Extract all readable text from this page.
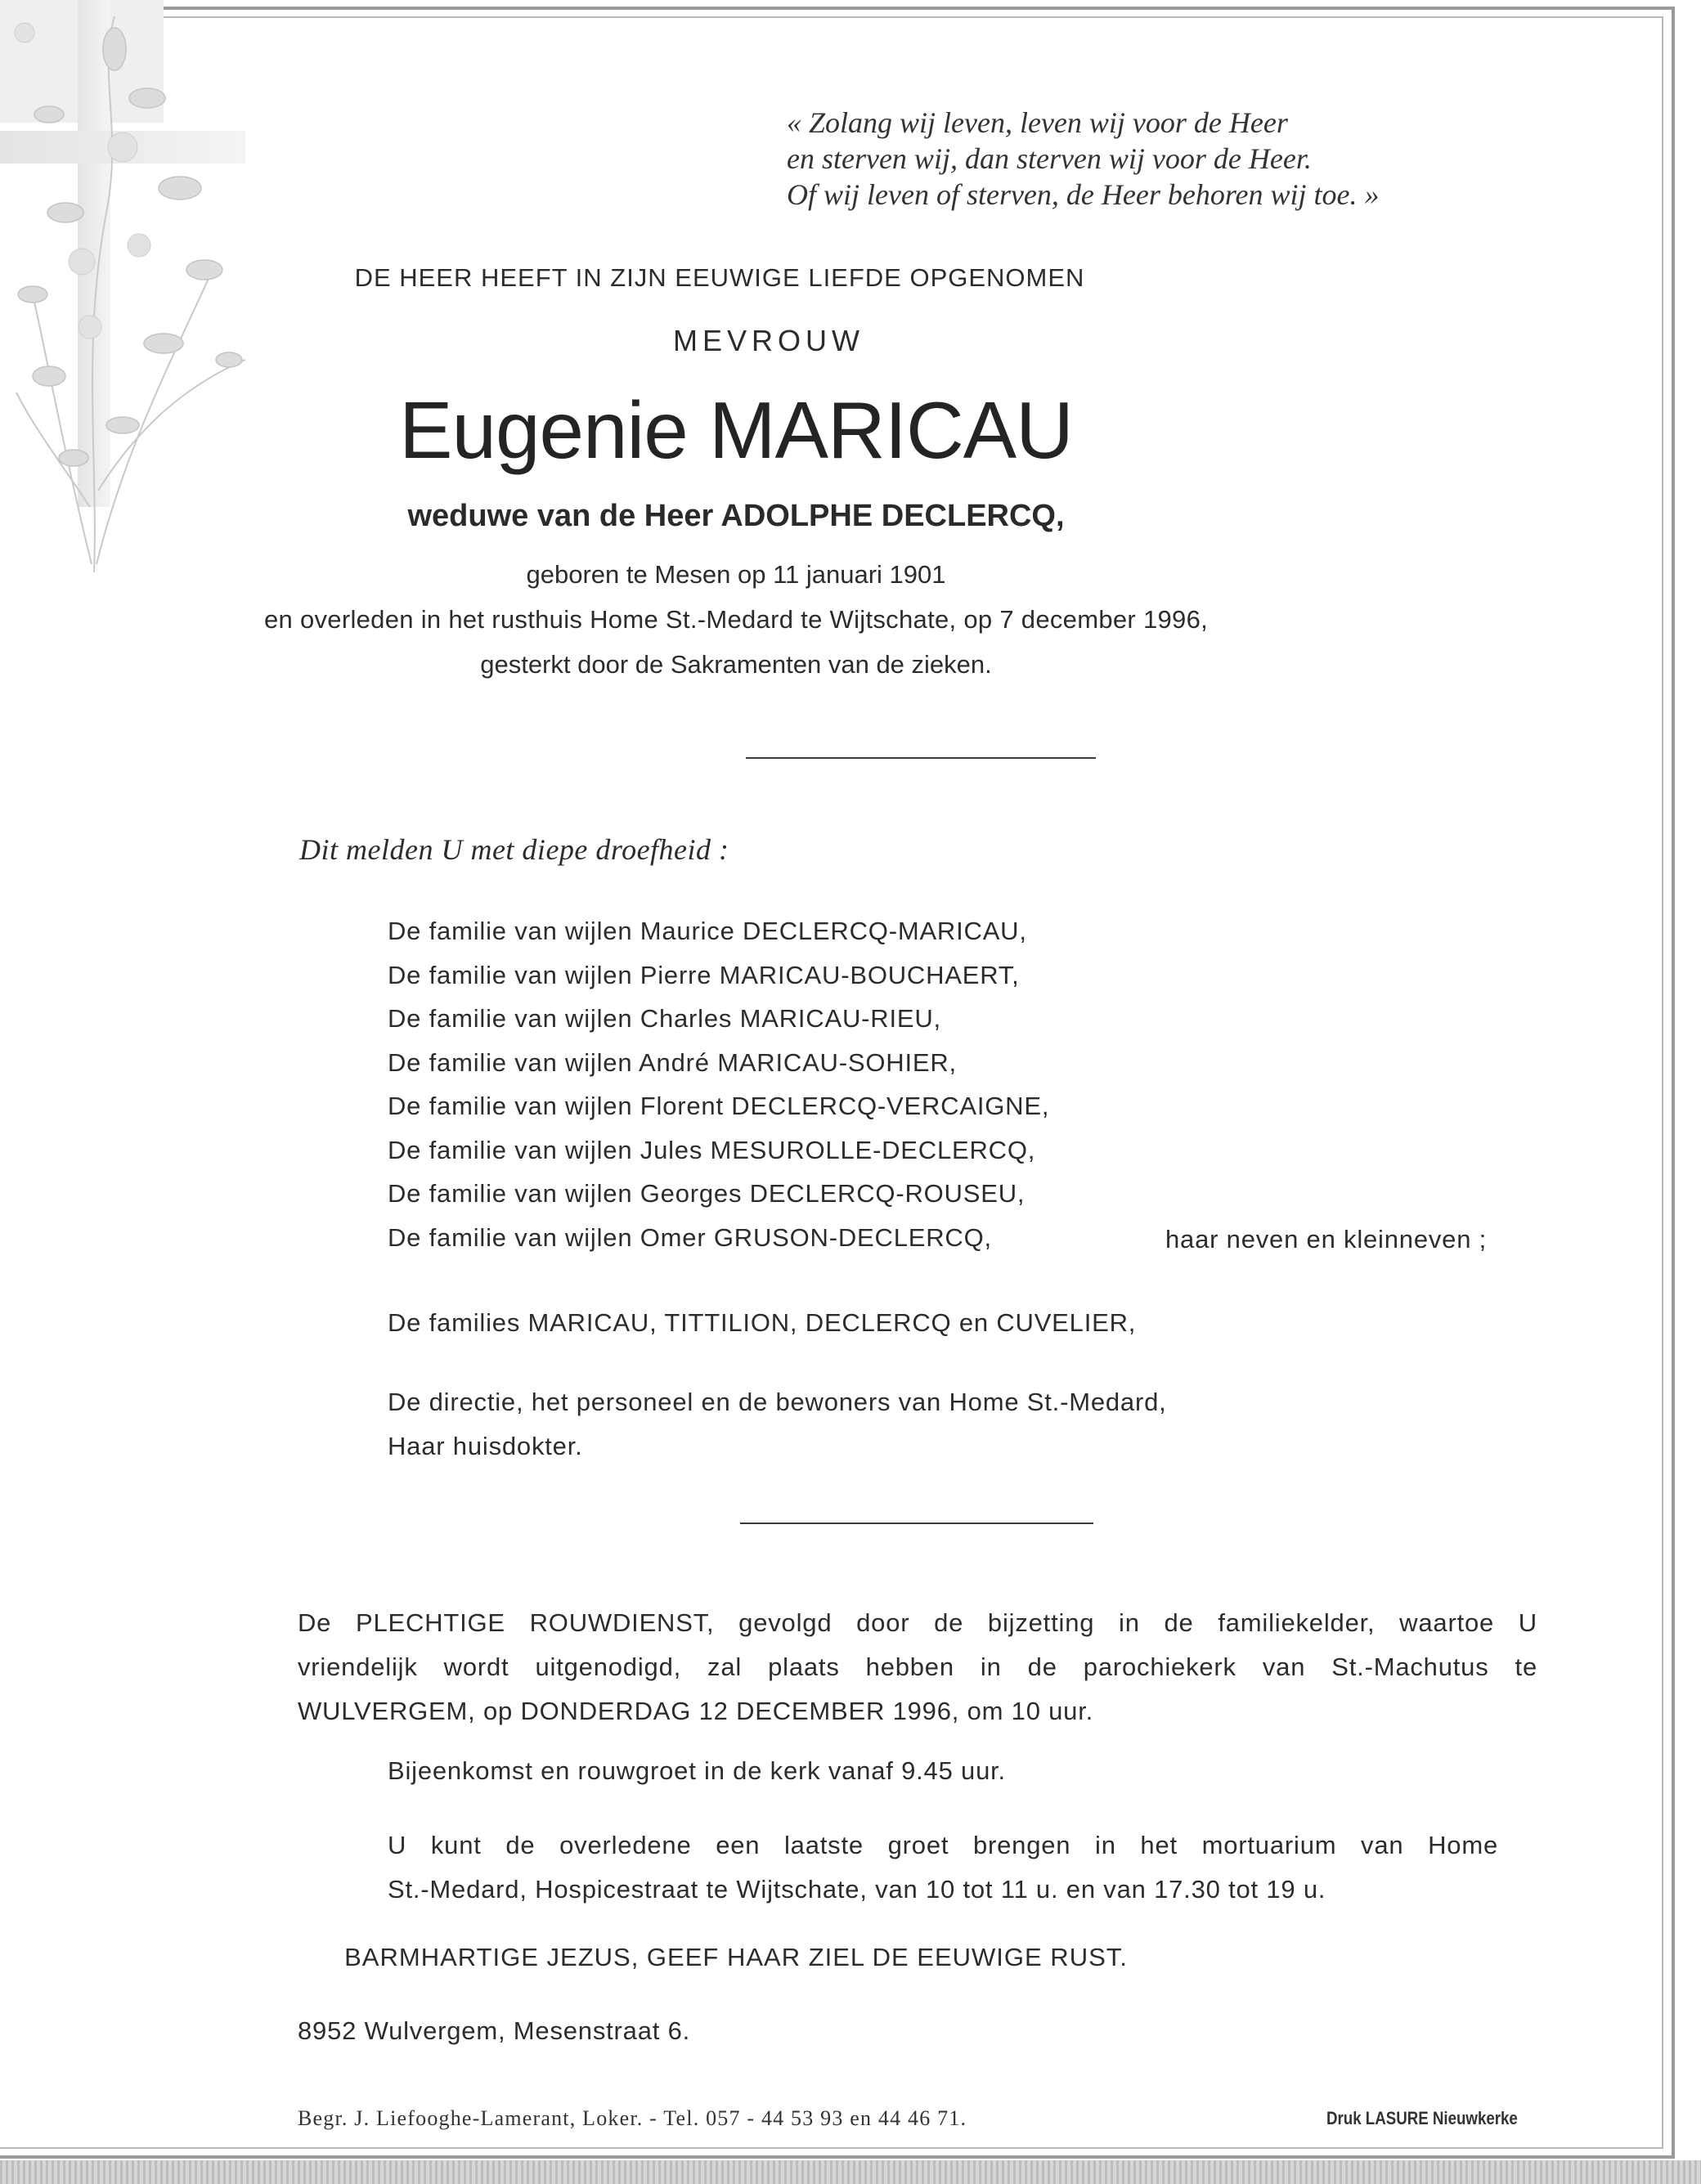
« Zolang wij leven, leven wij voor de Heer
en sterven wij, dan sterven wij voor de Heer.
Of wij leven of sterven, de Heer behoren wij toe. »
DE HEER HEEFT IN ZIJN EEUWIGE LIEFDE OPGENOMEN
MEVROUW
Eugenie MARICAU
weduwe van de Heer ADOLPHE DECLERCQ,
geboren te Mesen op 11 januari 1901
en overleden in het rusthuis Home St.-Medard te Wijtschate, op 7 december 1996,
gesterkt door de Sakramenten van de zieken.
Dit melden U met diepe droefheid :
De familie van wijlen Maurice DECLERCQ-MARICAU,
De familie van wijlen Pierre MARICAU-BOUCHAERT,
De familie van wijlen Charles MARICAU-RIEU,
De familie van wijlen André MARICAU-SOHIER,
De familie van wijlen Florent DECLERCQ-VERCAIGNE,
De familie van wijlen Jules MESUROLLE-DECLERCQ,
De familie van wijlen Georges DECLERCQ-ROUSEU,
De familie van wijlen Omer GRUSON-DECLERCQ,	haar neven en kleinneven ;
De families MARICAU, TITTILION, DECLERCQ en CUVELIER,
De directie, het personeel en de bewoners van Home St.-Medard,
Haar huisdokter.
De PLECHTIGE ROUWDIENST, gevolgd door de bijzetting in de familiekelder, waartoe U
vriendelijk wordt uitgenodigd, zal plaats hebben in de parochiekerk van St.-Machutus te
WULVERGEM, op DONDERDAG 12 DECEMBER 1996, om 10 uur.
Bijeenkomst en rouwgroet in de kerk vanaf 9.45 uur.
U kunt de overledene een laatste groet brengen in het mortuarium van Home
St.-Medard, Hospicestraat te Wijtschate, van 10 tot 11 u. en van 17.30 tot 19 u.
BARMHARTIGE JEZUS, GEEF HAAR ZIEL DE EEUWIGE RUST.
8952 Wulvergem, Mesenstraat 6.
Begr. J. Liefooghe-Lamerant, Loker. - Tel. 057 - 44 53 93 en 44 46 71.	Druk LASURE Nieuwkerke
